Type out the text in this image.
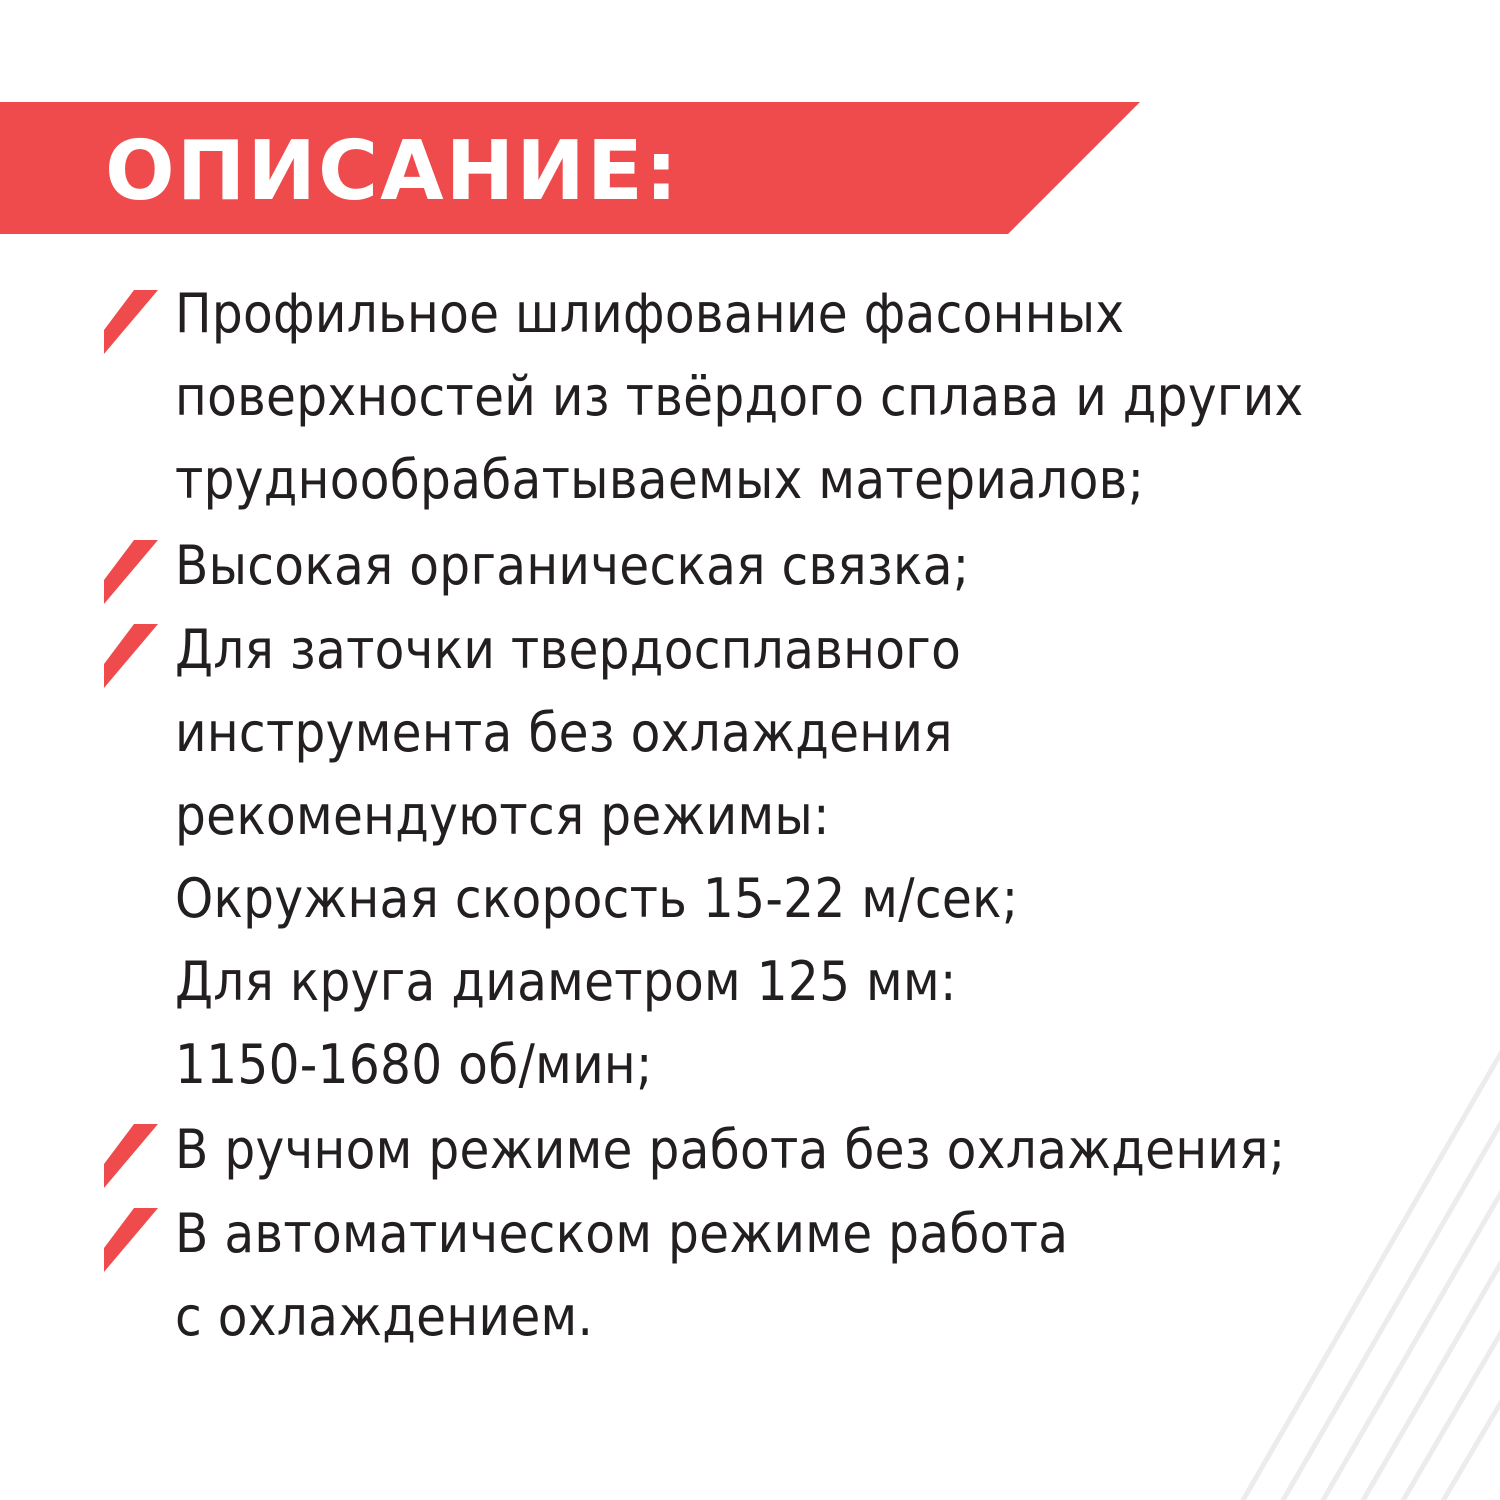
ОПИСАНИЕ:
Профильное шлифование фасонных
поверхностей из твёрдого сплава и других
труднообрабатываемых материалов;
Высокая органическая связка;
Для заточки твердосплавного
инструмента без охлаждения
рекомендуются режимы:
Окружная скорость 15-22 м/сек;
Для круга диаметром 125 мм:
1150-1680 об/мин;
В ручном режиме работа без охлаждения;
В автоматическом режиме работа
с охлаждением.
